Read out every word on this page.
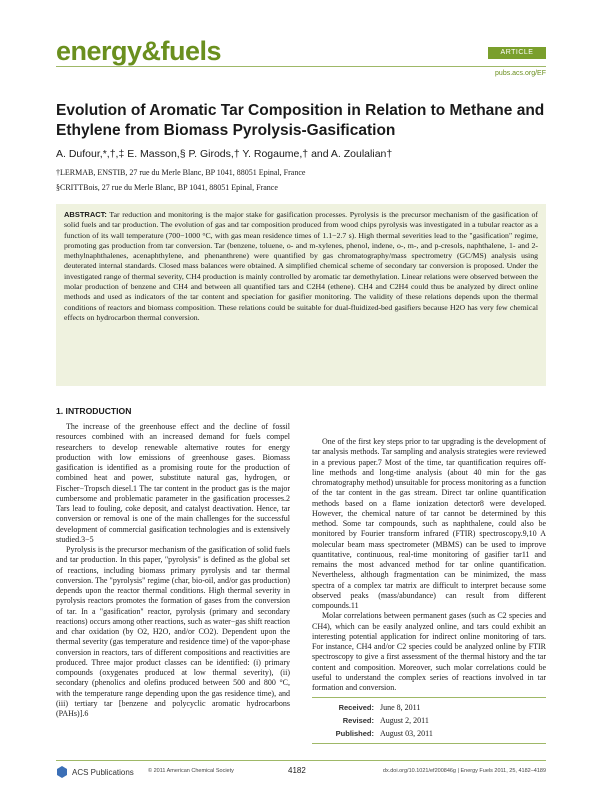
energy&fuels	ARTICLE
pubs.acs.org/EF
Evolution of Aromatic Tar Composition in Relation to Methane and Ethylene from Biomass Pyrolysis-Gasification
A. Dufour,*,†,‡ E. Masson,§ P. Girods,† Y. Rogaume,† and A. Zoulalian†
†LERMAB, ENSTIB, 27 rue du Merle Blanc, BP 1041, 88051 Epinal, France
§CRITTBois, 27 rue du Merle Blanc, BP 1041, 88051 Epinal, France
ABSTRACT: Tar reduction and monitoring is the major stake for gasification processes. Pyrolysis is the precursor mechanism of the gasification of solid fuels and tar production. The evolution of gas and tar composition produced from wood chips pyrolysis was investigated in a tubular reactor as a function of its wall temperature (700−1000 °C, with gas mean residence times of 1.1−2.7 s). High thermal severities lead to the "gasification" regime, promoting gas production from tar conversion. Tar (benzene, toluene, o- and m-xylenes, phenol, indene, o-, m-, and p-cresols, naphthalene, 1- and 2-methylnaphthalenes, acenaphthylene, and phenanthrene) were quantified by gas chromatography/mass spectrometry (GC/MS) analysis using deuterated internal standards. Closed mass balances were obtained. A simplified chemical scheme of secondary tar conversion is proposed. Under the investigated range of thermal severity, CH4 production is mainly controlled by aromatic tar demethylation. Linear relations were observed between the molar production of benzene and CH4 and between all quantified tars and C2H4 (ethene). CH4 and C2H4 could thus be analyzed by direct online methods and used as indicators of the tar content and speciation for gasifier monitoring. The validity of these relations depends upon the thermal conditions of reactors and biomass composition. These relations could be suitable for dual-fluidized-bed gasifiers because H2O has very few chemical effects on hydrocarbon thermal conversion.
1. INTRODUCTION

The increase of the greenhouse effect and the decline of fossil resources combined with an increased demand for fuels compel researchers to develop renewable alternative routes for energy production with low emissions of greenhouse gases. Biomass gasification is identified as a promising route for the production of combined heat and power, substitute natural gas, hydrogen, or Fischer−Tropsch diesel.1 The tar content in the product gas is the major cumbersome and problematic parameter in the gasification processes.2 Tars lead to fouling, coke deposit, and catalyst deactivation. Hence, tar conversion or removal is one of the main challenges for the successful development of commercial gasification technologies and is extensively studied.3−5

Pyrolysis is the precursor mechanism of the gasification of solid fuels and tar production. In this paper, "pyrolysis" is defined as the global set of reactions, including biomass primary pyrolysis and tar thermal conversion. The "pyrolysis" regime (char, bio-oil, and/or gas production) depends upon the reactor thermal conditions. High thermal severity in pyrolysis reactors promotes the formation of gases from the conversion of tar. In a "gasification" reactor, pyrolysis (primary and secondary reactions) occurs among other reactions, such as water−gas shift reaction and char oxidation (by O2, H2O, and/or CO2). Dependent upon the thermal severity (gas temperature and residence time) of the vapor-phase conversion in reactors, tars of different compositions and reactivities are produced. Three major product classes can be identified: (i) primary compounds (oxygenates produced at low thermal severity), (ii) secondary (phenolics and olefins produced between 500 and 800 °C, with the temperature range depending upon the gas residence time), and (iii) tertiary tar [benzene and polycyclic aromatic hydrocarbons (PAHs)].6

One of the first key steps prior to tar upgrading is the development of tar analysis methods. Tar sampling and analysis strategies were reviewed in a previous paper.7 Most of the time, tar quantification requires off-line methods and long-time analysis (about 40 min for the gas chromatography method) unsuitable for process monitoring as a function of the tar content in the gas stream. Direct tar online quantification methods based on a flame ionization detector8 were developed. However, the chemical nature of tar cannot be determined by this method. Some tar compounds, such as naphthalene, could also be monitored by Fourier transform infrared (FTIR) spectroscopy.9,10 A molecular beam mass spectrometer (MBMS) can be used to improve quantitative, continuous, real-time monitoring of gasifier tar11 and remains the most advanced method for tar online quantification. Nevertheless, although fragmentation can be minimized, the mass spectra of a complex tar matrix are difficult to interpret because some observed peaks (mass/abundance) can result from different compounds.11

Molar correlations between permanent gases (such as C2 species and CH4), which can be easily analyzed online, and tars could exhibit an interesting potential application for indirect online monitoring of tars. For instance, CH4 and/or C2 species could be analyzed online by FTIR spectroscopy to give a first assessment of the thermal history and the tar content and composition. Moreover, such molar correlations could be useful to understand the complex series of reactions involved in tar formation and conversion.

Received: June 8, 2011
Revised: August 2, 2011
Published: August 03, 2011
ACS Publications	© 2011 American Chemical Society	4182	dx.doi.org/10.1021/ef200846g | Energy Fuels 2011, 25, 4182–4189
